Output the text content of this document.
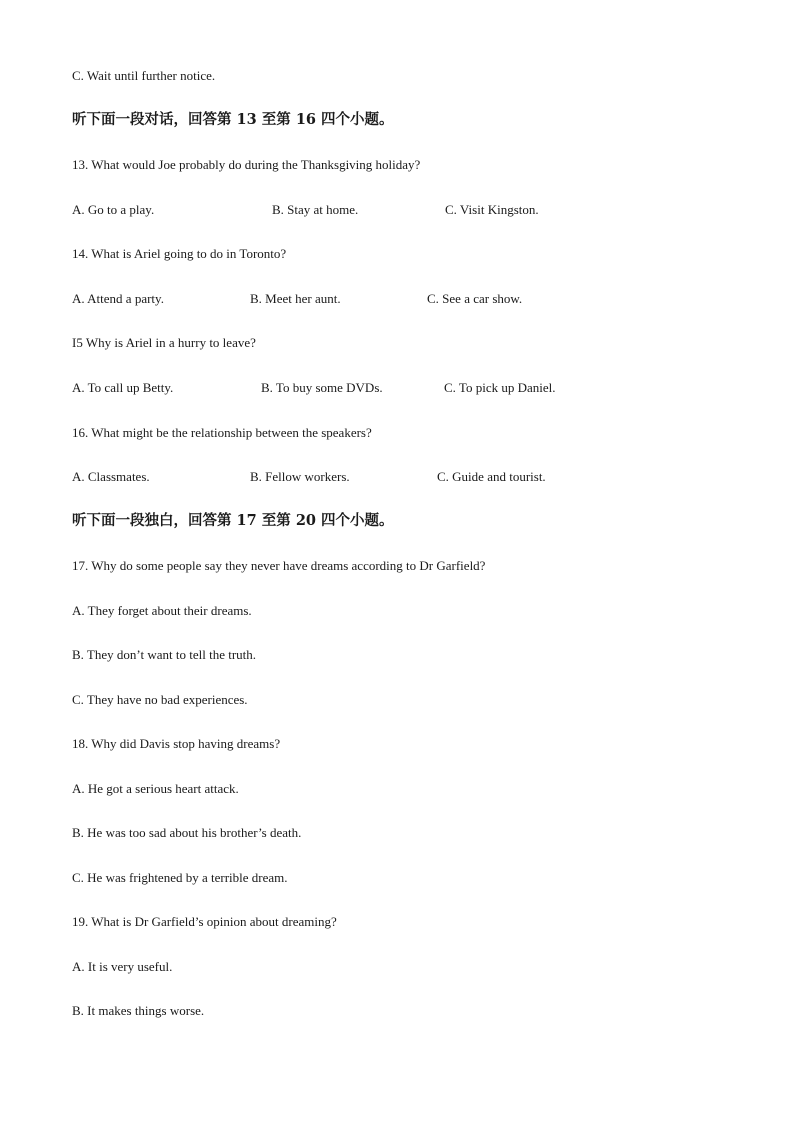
C. Wait until further notice.
听下面一段对话，回答第 13 至第 16 四个小题。
13. What would Joe probably do during the Thanksgiving holiday?
A. Go to a play.	B. Stay at home.	C. Visit Kingston.
14. What is Ariel going to do in Toronto?
A. Attend a party.	B. Meet her aunt.	C. See a car show.
I5 Why is Ariel in a hurry to leave?
A. To call up Betty.	B. To buy some DVDs.	C. To pick up Daniel.
16. What might be the relationship between the speakers?
A. Classmates.	B. Fellow workers.	C. Guide and tourist.
听下面一段独白，回答第 17 至第 20 四个小题。
17. Why do some people say they never have dreams according to Dr Garfield?
A. They forget about their dreams.
B. They don’t want to tell the truth.
C. They have no bad experiences.
18. Why did Davis stop having dreams?
A. He got a serious heart attack.
B. He was too sad about his brother’s death.
C. He was frightened by a terrible dream.
19. What is Dr Garfield’s opinion about dreaming?
A. It is very useful.
B. It makes things worse.
